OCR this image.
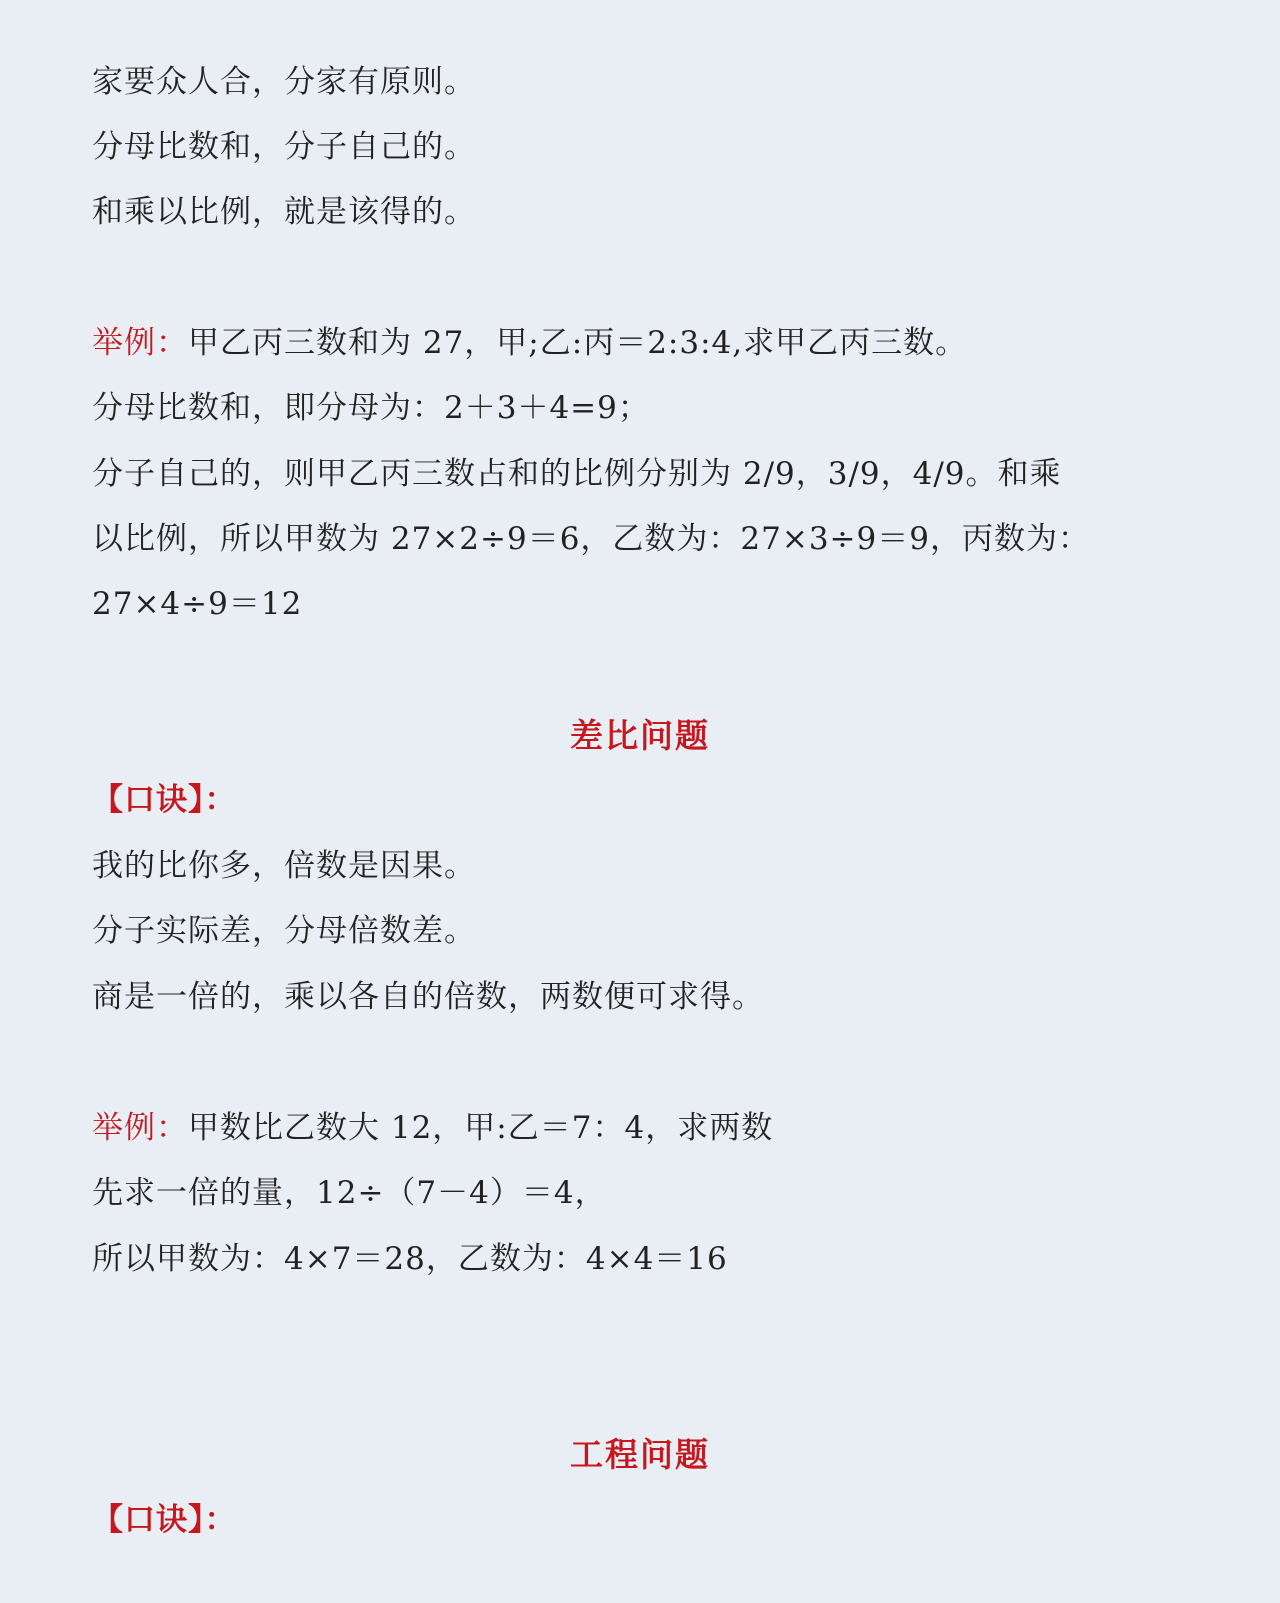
家要众人合，分家有原则。
分母比数和，分子自己的。
和乘以比例，就是该得的。
举例：甲乙丙三数和为 27，甲;乙:丙＝2:3:4,求甲乙丙三数。
分母比数和，即分母为：2＋3＋4=9；
分子自己的，则甲乙丙三数占和的比例分别为 2/9，3/9，4/9。和乘
以比例，所以甲数为 27×2÷9＝6，乙数为：27×3÷9＝9，丙数为：
27×4÷9＝12
差比问题
【口诀】：
我的比你多，倍数是因果。
分子实际差，分母倍数差。
商是一倍的，乘以各自的倍数，两数便可求得。
举例：甲数比乙数大 12，甲:乙＝7：4，求两数
先求一倍的量，12÷（7－4）＝4，
所以甲数为：4×7＝28，乙数为：4×4＝16
工程问题
【口诀】：
